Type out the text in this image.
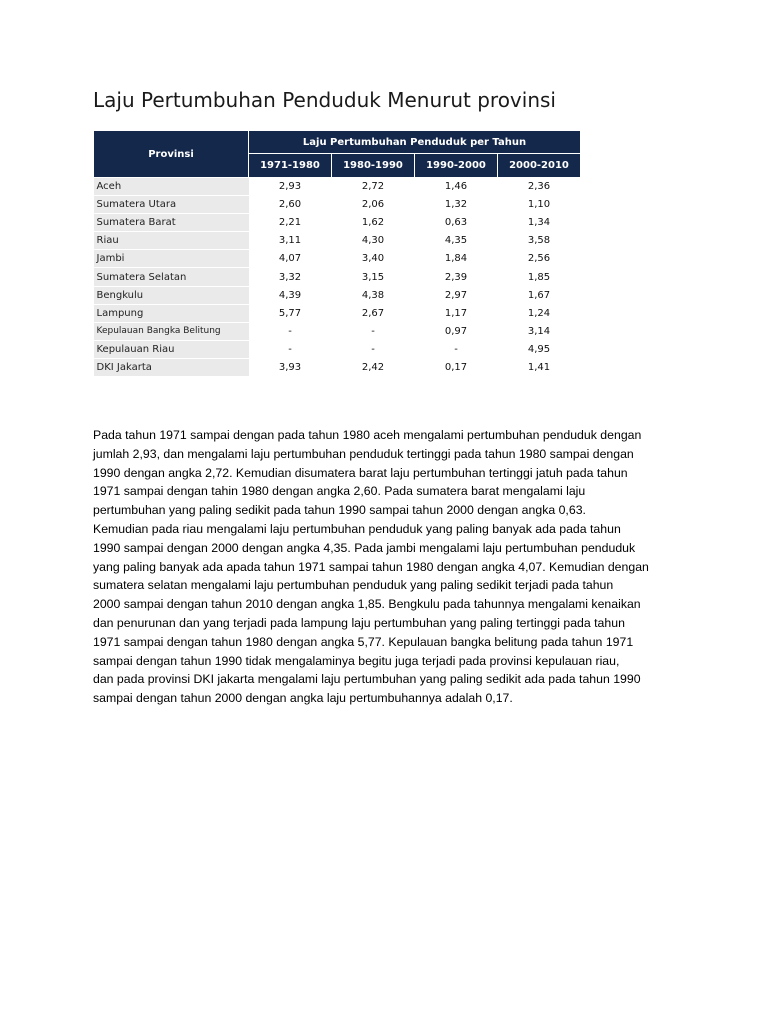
Laju Pertumbuhan Penduduk Menurut provinsi
Provinsi	Laju Pertumbuhan Penduduk per Tahun			
	1971-1980	1980-1990	1990-2000	2000-2010
Aceh	2,93	2,72	1,46	2,36
Sumatera Utara	2,60	2,06	1,32	1,10
Sumatera Barat	2,21	1,62	0,63	1,34
Riau	3,11	4,30	4,35	3,58
Jambi	4,07	3,40	1,84	2,56
Sumatera Selatan	3,32	3,15	2,39	1,85
Bengkulu	4,39	4,38	2,97	1,67
Lampung	5,77	2,67	1,17	1,24
Kepulauan Bangka Belitung	-	-	0,97	3,14
Kepulauan Riau	-	-	-	4,95
DKI Jakarta	3,93	2,42	0,17	1,41
Pada tahun 1971 sampai dengan pada tahun 1980 aceh mengalami pertumbuhan penduduk dengan
jumlah 2,93, dan mengalami laju pertumbuhan penduduk tertinggi pada tahun 1980 sampai dengan
1990 dengan angka 2,72. Kemudian disumatera barat laju pertumbuhan tertinggi jatuh pada tahun
1971 sampai dengan tahin 1980 dengan angka 2,60. Pada sumatera barat mengalami laju
pertumbuhan yang paling sedikit pada tahun 1990 sampai tahun 2000 dengan angka 0,63.
Kemudian pada riau mengalami laju pertumbuhan penduduk yang paling banyak ada pada tahun
1990 sampai dengan 2000 dengan angka 4,35. Pada jambi mengalami laju pertumbuhan penduduk
yang paling banyak ada apada tahun 1971 sampai tahun 1980 dengan angka 4,07. Kemudian dengan
sumatera selatan mengalami laju pertumbuhan penduduk yang paling sedikit terjadi pada tahun
2000 sampai dengan tahun 2010 dengan angka 1,85. Bengkulu pada tahunnya mengalami kenaikan
dan penurunan dan yang terjadi pada lampung laju pertumbuhan yang paling tertinggi pada tahun
1971 sampai dengan tahun 1980 dengan angka 5,77. Kepulauan bangka belitung pada tahun 1971
sampai dengan tahun 1990 tidak mengalaminya begitu juga terjadi pada provinsi kepulauan riau,
dan pada provinsi DKI jakarta mengalami laju pertumbuhan yang paling sedikit ada pada tahun 1990
sampai dengan tahun 2000 dengan angka laju pertumbuhannya adalah 0,17.
